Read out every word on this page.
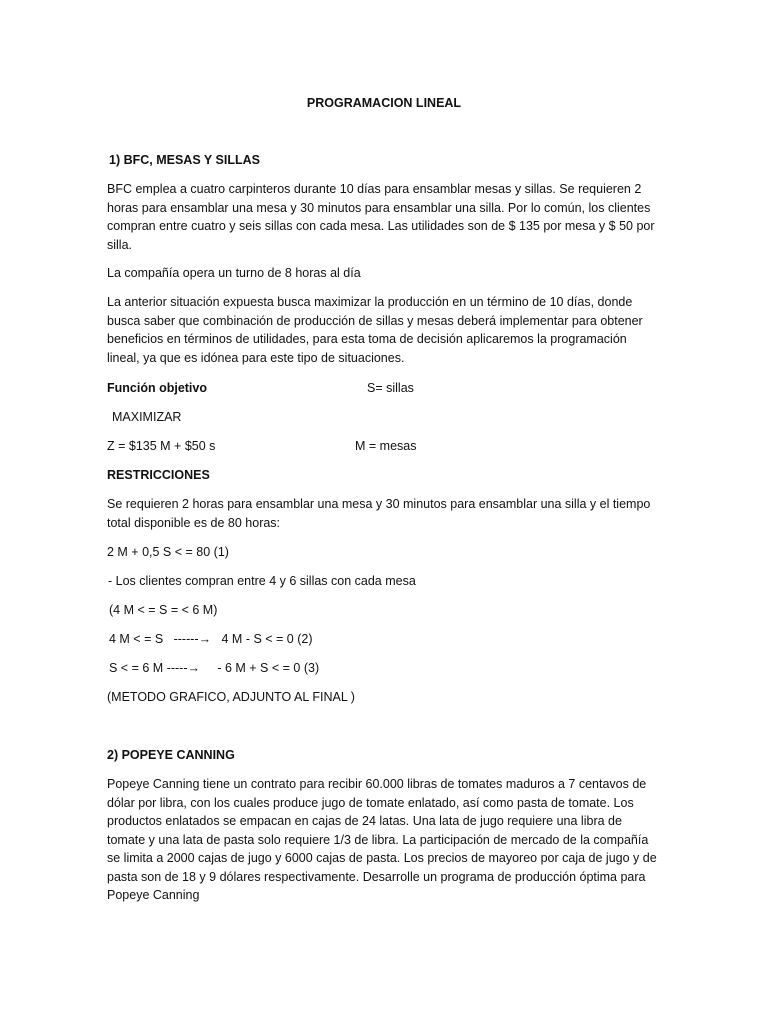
PROGRAMACION LINEAL
1) BFC, MESAS Y SILLAS
BFC emplea a cuatro carpinteros durante 10 días para ensamblar mesas y sillas. Se requieren 2
horas para ensamblar una mesa y 30 minutos para ensamblar una silla. Por lo común, los clientes
compran entre cuatro y seis sillas con cada mesa. Las utilidades son de $ 135 por mesa y $ 50 por
silla.
La compañía opera un turno de 8 horas al día
La anterior situación expuesta busca maximizar la producción en un término de 10 días, donde
busca saber que combinación de producción de sillas y mesas deberá implementar para obtener
beneficios en términos de utilidades, para esta toma de decisión aplicaremos la programación
lineal, ya que es idónea para este tipo de situaciones.
Función objetivo	S= sillas
MAXIMIZAR
Z = $135 M + $50 s	M = mesas
RESTRICCIONES
Se requieren 2 horas para ensamblar una mesa y 30 minutos para ensamblar una silla y el tiempo
total disponible es de 80 horas:
2 M + 0,5 S < = 80 (1)
- Los clientes compran entre 4 y 6 sillas con cada mesa
(4 M < = S = < 6 M)
4 M < = S   ------→   4 M - S < = 0 (2)
S < = 6 M -----→     - 6 M + S < = 0 (3)
(METODO GRAFICO, ADJUNTO AL FINAL )
2) POPEYE CANNING
Popeye Canning tiene un contrato para recibir 60.000 libras de tomates maduros a 7 centavos de
dólar por libra, con los cuales produce jugo de tomate enlatado, así como pasta de tomate. Los
productos enlatados se empacan en cajas de 24 latas. Una lata de jugo requiere una libra de
tomate y una lata de pasta solo requiere 1/3 de libra. La participación de mercado de la compañía
se limita a 2000 cajas de jugo y 6000 cajas de pasta. Los precios de mayoreo por caja de jugo y de
pasta son de 18 y 9 dólares respectivamente. Desarrolle un programa de producción óptima para
Popeye Canning
